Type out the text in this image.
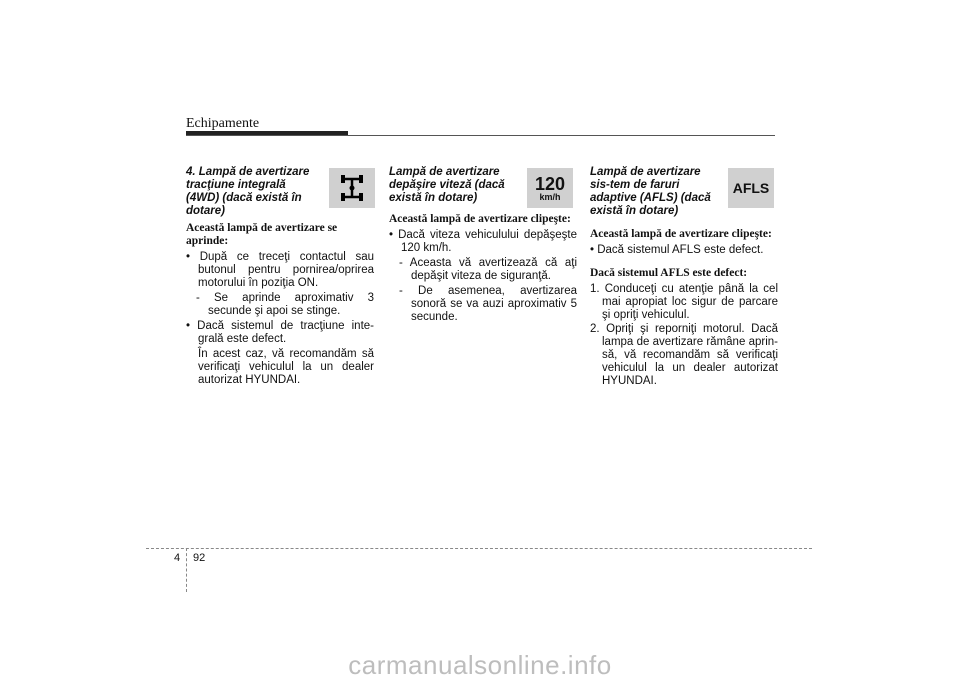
Echipamente

4. Lampă de avertizare tracţiune integrală (4WD) (dacă există în dotare)

Această lampă de avertizare se aprinde:

• După ce treceţi contactul sau butonul pentru pornirea/oprirea motorului în poziţia ON.

- Se aprinde aproximativ 3 secunde şi apoi se stinge.

• Dacă sistemul de tracţiune inte-grală este defect.

În acest caz, vă recomandăm să verificaţi vehiculul la un dealer autorizat HYUNDAI.

120
km/h

Lampă de avertizare depăşire viteză (dacă există în dotare)

Această lampă de avertizare clipeşte:

• Dacă viteza vehiculului depăşeşte 120 km/h.

- Aceasta vă avertizează că aţi depăşit viteza de siguranţă.

- De asemenea, avertizarea sonoră se va auzi aproximativ 5 secunde.

AFLS

Lampă de avertizare sis-tem de faruri adaptive (AFLS) (dacă există în dotare)

Această lampă de avertizare clipeşte:

• Dacă sistemul AFLS este defect.

Dacă sistemul AFLS este defect:

1. Conduceţi cu atenţie până la cel mai apropiat loc sigur de parcare şi opriţi vehiculul.

2. Opriţi şi reporniţi motorul. Dacă lampa de avertizare rămâne aprin-să, vă recomandăm să verificaţi vehiculul la un dealer autorizat HYUNDAI.

4 92
carmanualsonline.info
